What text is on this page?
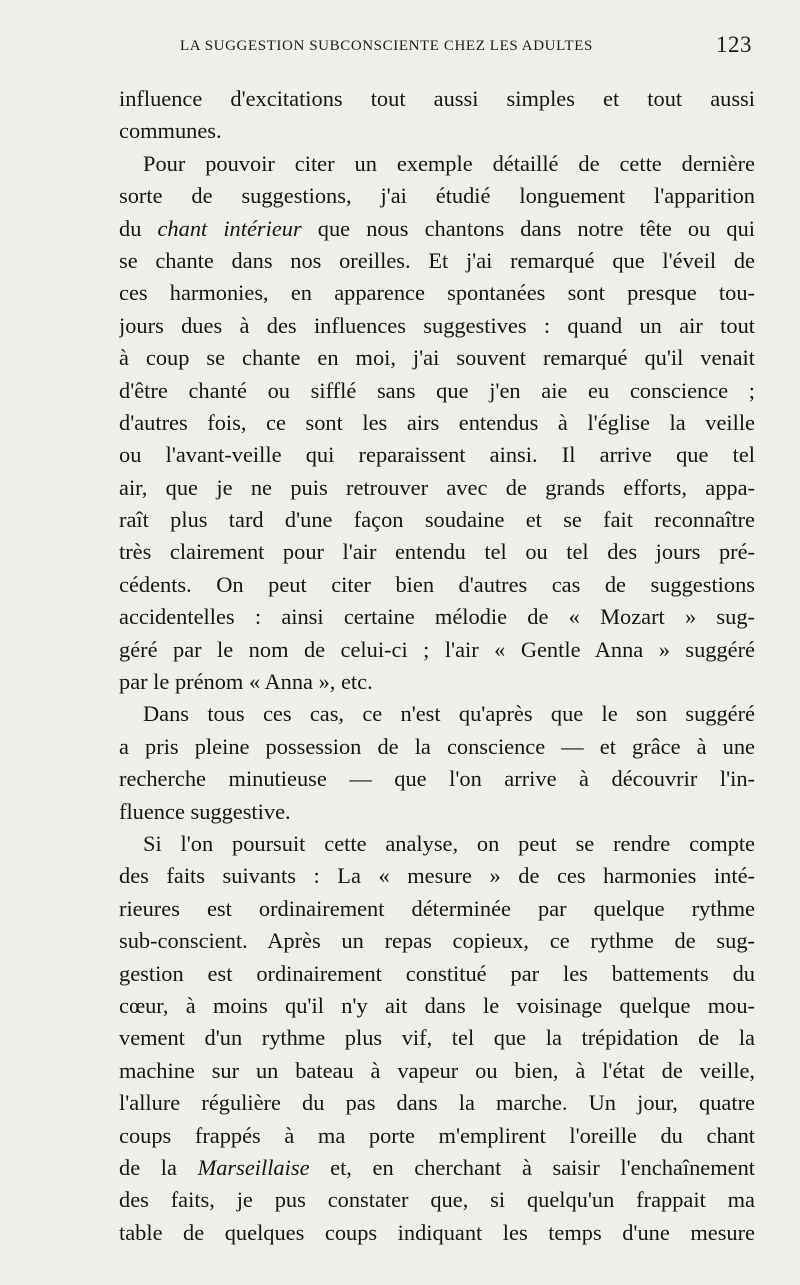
LA SUGGESTION SUBCONSCIENTE CHEZ LES ADULTES	123
influence d'excitations tout aussi simples et tout aussi
communes.
Pour pouvoir citer un exemple détaillé de cette dernière
sorte de suggestions, j'ai étudié longuement l'apparition
du chant intérieur que nous chantons dans notre tête ou qui
se chante dans nos oreilles. Et j'ai remarqué que l'éveil de
ces harmonies, en apparence spontanées sont presque tou-
jours dues à des influences suggestives : quand un air tout
à coup se chante en moi, j'ai souvent remarqué qu'il venait
d'être chanté ou sifflé sans que j'en aie eu conscience ;
d'autres fois, ce sont les airs entendus à l'église la veille
ou l'avant-veille qui reparaissent ainsi. Il arrive que tel
air, que je ne puis retrouver avec de grands efforts, appa-
raît plus tard d'une façon soudaine et se fait reconnaître
très clairement pour l'air entendu tel ou tel des jours pré-
cédents. On peut citer bien d'autres cas de suggestions
accidentelles : ainsi certaine mélodie de « Mozart » sug-
géré par le nom de celui-ci ; l'air « Gentle Anna » suggéré
par le prénom « Anna », etc.
Dans tous ces cas, ce n'est qu'après que le son suggéré
a pris pleine possession de la conscience — et grâce à une
recherche minutieuse — que l'on arrive à découvrir l'in-
fluence suggestive.
Si l'on poursuit cette analyse, on peut se rendre compte
des faits suivants : La « mesure » de ces harmonies inté-
rieures est ordinairement déterminée par quelque rythme
sub-conscient. Après un repas copieux, ce rythme de sug-
gestion est ordinairement constitué par les battements du
cœur, à moins qu'il n'y ait dans le voisinage quelque mou-
vement d'un rythme plus vif, tel que la trépidation de la
machine sur un bateau à vapeur ou bien, à l'état de veille,
l'allure régulière du pas dans la marche. Un jour, quatre
coups frappés à ma porte m'emplirent l'oreille du chant
de la Marseillaise et, en cherchant à saisir l'enchaînement
des faits, je pus constater que, si quelqu'un frappait ma
table de quelques coups indiquant les temps d'une mesure
